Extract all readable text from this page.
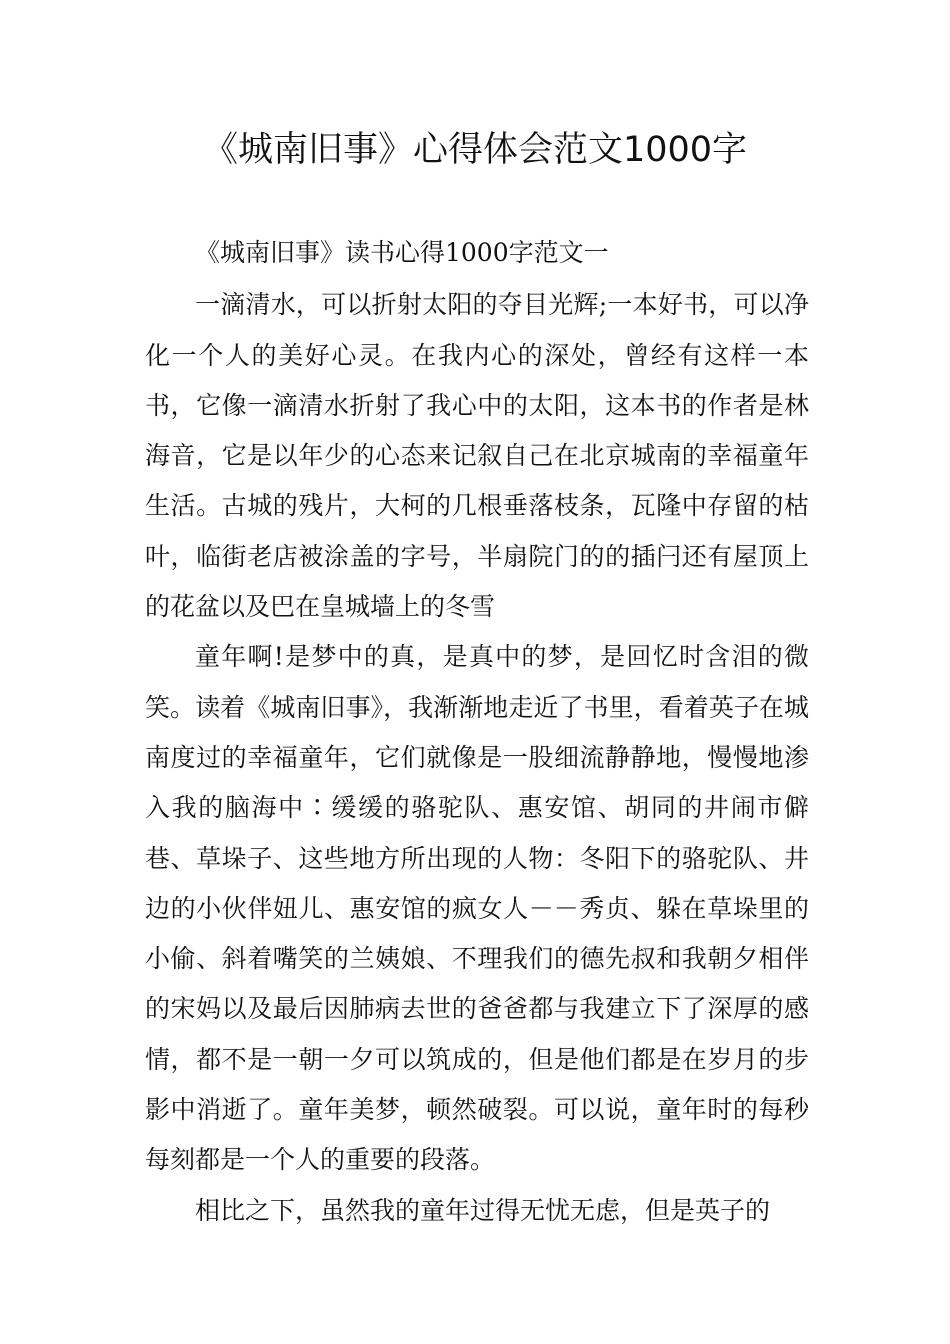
《城南旧事》心得体会范文1000字

《城南旧事》读书心得1000字范文一

一滴清水，可以折射太阳的夺目光辉;一本好书，可以净化一个人的美好心灵。在我内心的深处，曾经有这样一本书，它像一滴清水折射了我心中的太阳，这本书的作者是林海音，它是以年少的心态来记叙自己在北京城南的幸福童年生活。古城的残片，大柯的几根垂落枝条，瓦隆中存留的枯叶，临街老店被涂盖的字号，半扇院门的的插闩还有屋顶上的花盆以及巴在皇城墙上的冬雪

童年啊!是梦中的真，是真中的梦，是回忆时含泪的微笑。读着《城南旧事》，我渐渐地走近了书里，看着英子在城南度过的幸福童年，它们就像是一股细流静静地，慢慢地渗入我的脑海中∶缓缓的骆驼队、惠安馆、胡同的井闹市僻巷、草垛子、这些地方所出现的人物：冬阳下的骆驼队、井边的小伙伴妞儿、惠安馆的疯女人－－秀贞、躲在草垛里的小偷、斜着嘴笑的兰姨娘、不理我们的德先叔和我朝夕相伴的宋妈以及最后因肺病去世的爸爸都与我建立下了深厚的感情，都不是一朝一夕可以筑成的，但是他们都是在岁月的步影中消逝了。童年美梦，顿然破裂。可以说，童年时的每秒每刻都是一个人的重要的段落。

相比之下，虽然我的童年过得无忧无虑，但是英子的
